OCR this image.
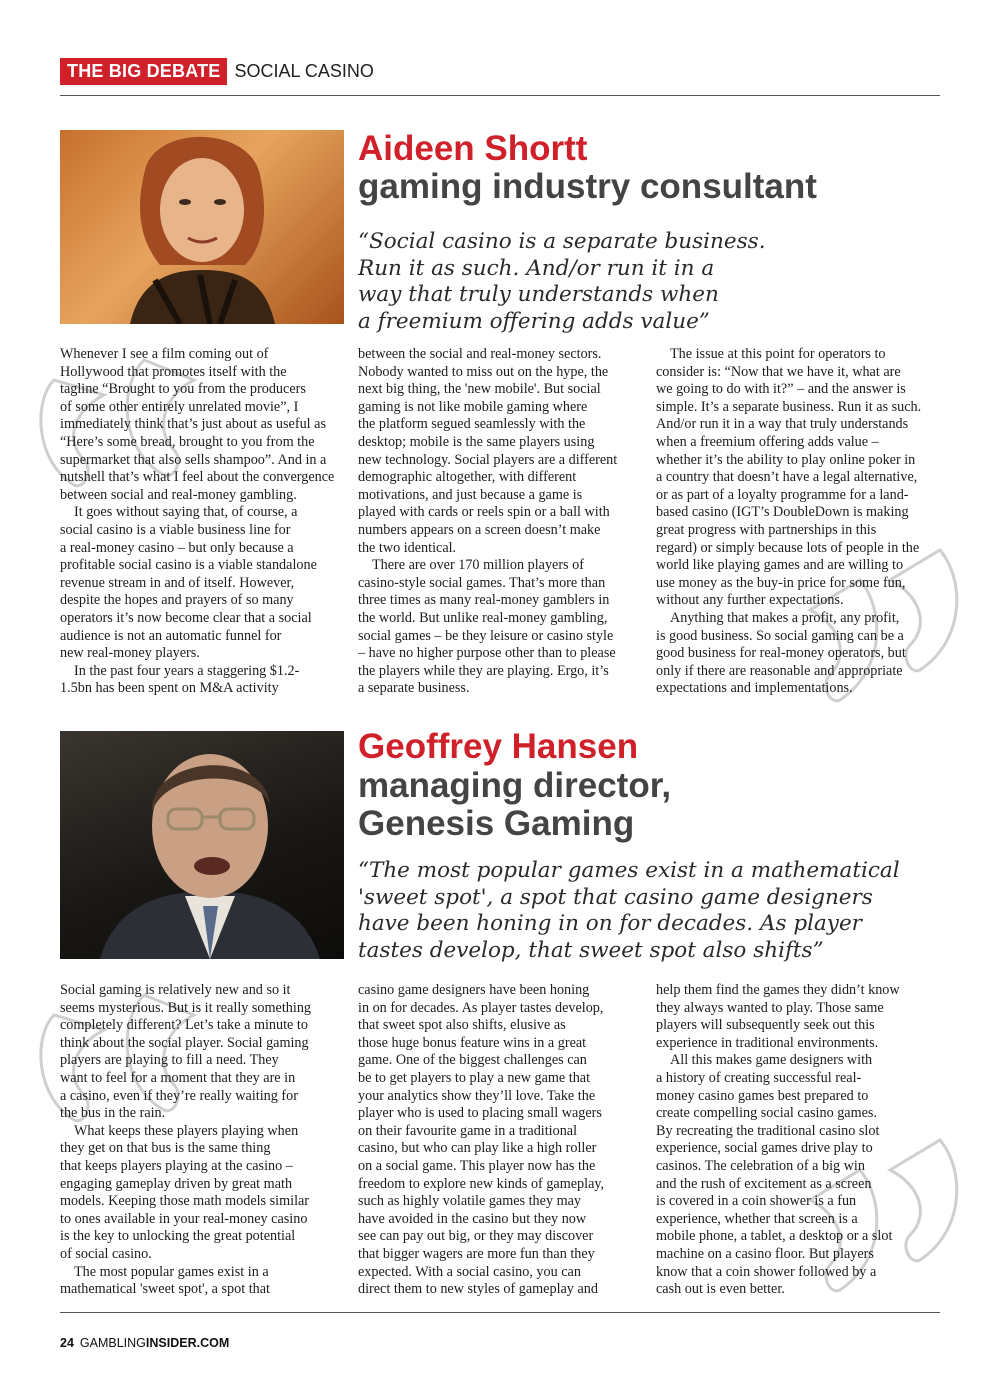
THE BIG DEBATE SOCIAL CASINO
Aideen Shortt
gaming industry consultant
“Social casino is a separate business.
Run it as such. And/or run it in a
way that truly understands when
a freemium offering adds value”
Whenever I see a film coming out of
Hollywood that promotes itself with the
tagline “Brought to you from the producers
of some other entirely unrelated movie”, I
immediately think that’s just about as useful as
“Here’s some bread, brought to you from the
supermarket that also sells shampoo”. And in a
nutshell that’s what I feel about the convergence
between social and real-money gambling.
It goes without saying that, of course, a
social casino is a viable business line for
a real-money casino – but only because a
profitable social casino is a viable standalone
revenue stream in and of itself. However,
despite the hopes and prayers of so many
operators it’s now become clear that a social
audience is not an automatic funnel for
new real-money players.
In the past four years a staggering $1.2-
1.5bn has been spent on M&A activity
between the social and real-money sectors.
Nobody wanted to miss out on the hype, the
next big thing, the 'new mobile'. But social
gaming is not like mobile gaming where
the platform segued seamlessly with the
desktop; mobile is the same players using
new technology. Social players are a different
demographic altogether, with different
motivations, and just because a game is
played with cards or reels spin or a ball with
numbers appears on a screen doesn’t make
the two identical.
There are over 170 million players of
casino-style social games. That’s more than
three times as many real-money gamblers in
the world. But unlike real-money gambling,
social games – be they leisure or casino style
– have no higher purpose other than to please
the players while they are playing. Ergo, it’s
a separate business.
The issue at this point for operators to
consider is: “Now that we have it, what are
we going to do with it?” – and the answer is
simple. It’s a separate business. Run it as such.
And/or run it in a way that truly understands
when a freemium offering adds value –
whether it’s the ability to play online poker in
a country that doesn’t have a legal alternative,
or as part of a loyalty programme for a land-
based casino (IGT’s DoubleDown is making
great progress with partnerships in this
regard) or simply because lots of people in the
world like playing games and are willing to
use money as the buy-in price for some fun,
without any further expectations.
Anything that makes a profit, any profit,
is good business. So social gaming can be a
good business for real-money operators, but
only if there are reasonable and appropriate
expectations and implementations.
Geoffrey Hansen
managing director,
Genesis Gaming
“The most popular games exist in a mathematical
'sweet spot', a spot that casino game designers
have been honing in on for decades. As player
tastes develop, that sweet spot also shifts”
Social gaming is relatively new and so it
seems mysterious. But is it really something
completely different? Let’s take a minute to
think about the social player. Social gaming
players are playing to fill a need. They
want to feel for a moment that they are in
a casino, even if they’re really waiting for
the bus in the rain.
What keeps these players playing when
they get on that bus is the same thing
that keeps players playing at the casino –
engaging gameplay driven by great math
models. Keeping those math models similar
to ones available in your real-money casino
is the key to unlocking the great potential
of social casino.
The most popular games exist in a
mathematical 'sweet spot', a spot that
casino game designers have been honing
in on for decades. As player tastes develop,
that sweet spot also shifts, elusive as
those huge bonus feature wins in a great
game. One of the biggest challenges can
be to get players to play a new game that
your analytics show they’ll love. Take the
player who is used to placing small wagers
on their favourite game in a traditional
casino, but who can play like a high roller
on a social game. This player now has the
freedom to explore new kinds of gameplay,
such as highly volatile games they may
have avoided in the casino but they now
see can pay out big, or they may discover
that bigger wagers are more fun than they
expected. With a social casino, you can
direct them to new styles of gameplay and
help them find the games they didn’t know
they always wanted to play. Those same
players will subsequently seek out this
experience in traditional environments.
All this makes game designers with
a history of creating successful real-
money casino games best prepared to
create compelling social casino games.
By recreating the traditional casino slot
experience, social games drive play to
casinos. The celebration of a big win
and the rush of excitement as a screen
is covered in a coin shower is a fun
experience, whether that screen is a
mobile phone, a tablet, a desktop or a slot
machine on a casino floor. But players
know that a coin shower followed by a
cash out is even better.
24 GAMBLINGINSIDER.COM
